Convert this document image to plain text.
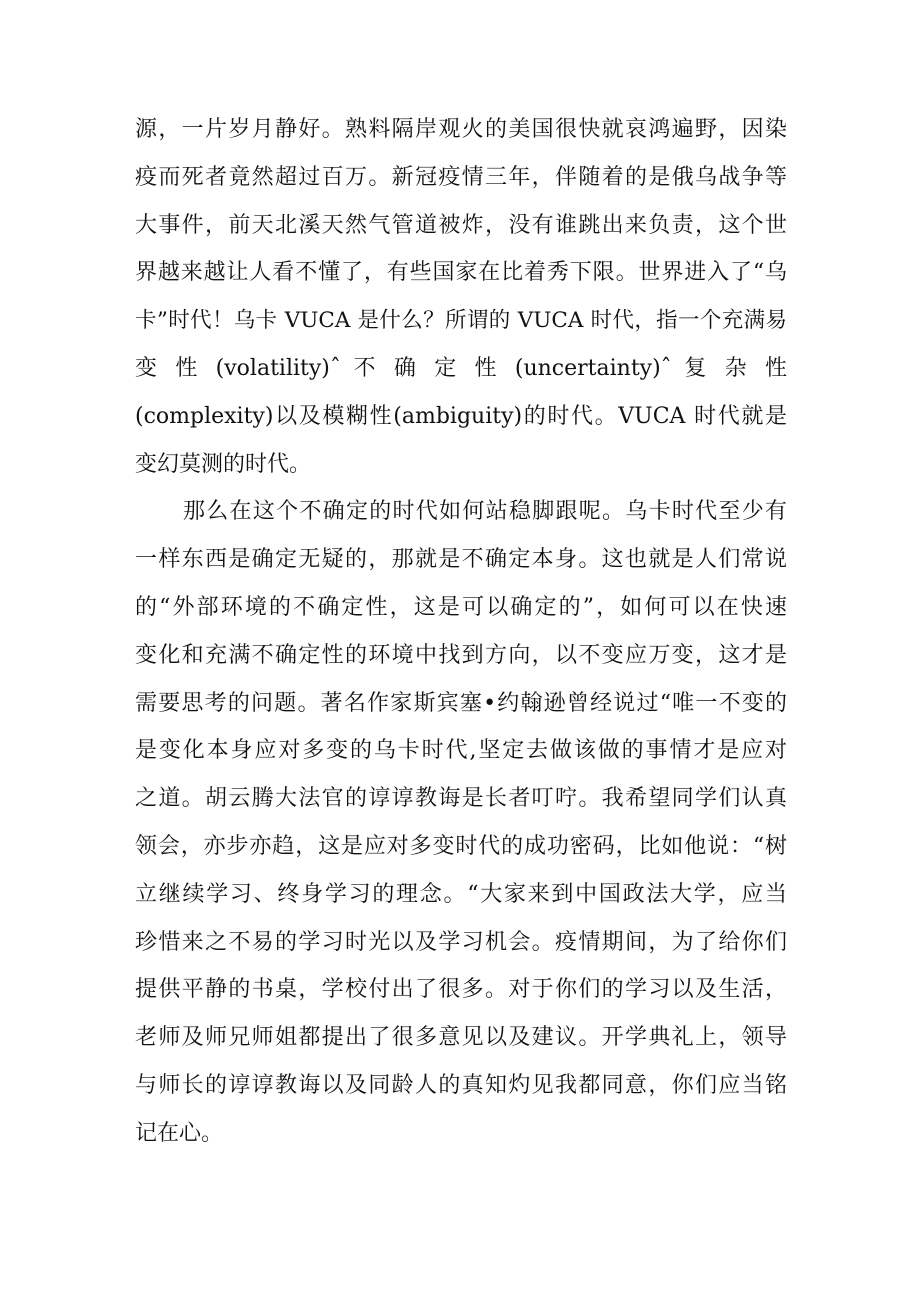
源，一片岁月静好。熟料隔岸观火的美国很快就哀鸿遍野，因染
疫而死者竟然超过百万。新冠疫情三年，伴随着的是俄乌战争等
大事件，前天北溪天然气管道被炸，没有谁跳出来负责，这个世
界越来越让人看不懂了，有些国家在比着秀下限。世界进入了“乌
卡”时代！乌卡 VUCA 是什么？所谓的 VUCA 时代，指一个充满易
变 性 (volatility)ˆ 不 确 定 性 (uncertainty)ˆ 复 杂 性
(complexity)以及模糊性(ambiguity)的时代。VUCA 时代就是
变幻莫测的时代。
那么在这个不确定的时代如何站稳脚跟呢。乌卡时代至少有
一样东西是确定无疑的，那就是不确定本身。这也就是人们常说
的“外部环境的不确定性，这是可以确定的”，如何可以在快速
变化和充满不确定性的环境中找到方向，以不变应万变，这才是
需要思考的问题。著名作家斯宾塞•约翰逊曾经说过“唯一不变的
是变化本身应对多变的乌卡时代,坚定去做该做的事情才是应对
之道。胡云腾大法官的谆谆教诲是长者叮咛。我希望同学们认真
领会，亦步亦趋，这是应对多变时代的成功密码，比如他说：“树
立继续学习、终身学习的理念。“大家来到中国政法大学，应当
珍惜来之不易的学习时光以及学习机会。疫情期间，为了给你们
提供平静的书桌，学校付出了很多。对于你们的学习以及生活，
老师及师兄师姐都提出了很多意见以及建议。开学典礼上，领导
与师长的谆谆教诲以及同龄人的真知灼见我都同意，你们应当铭
记在心。
